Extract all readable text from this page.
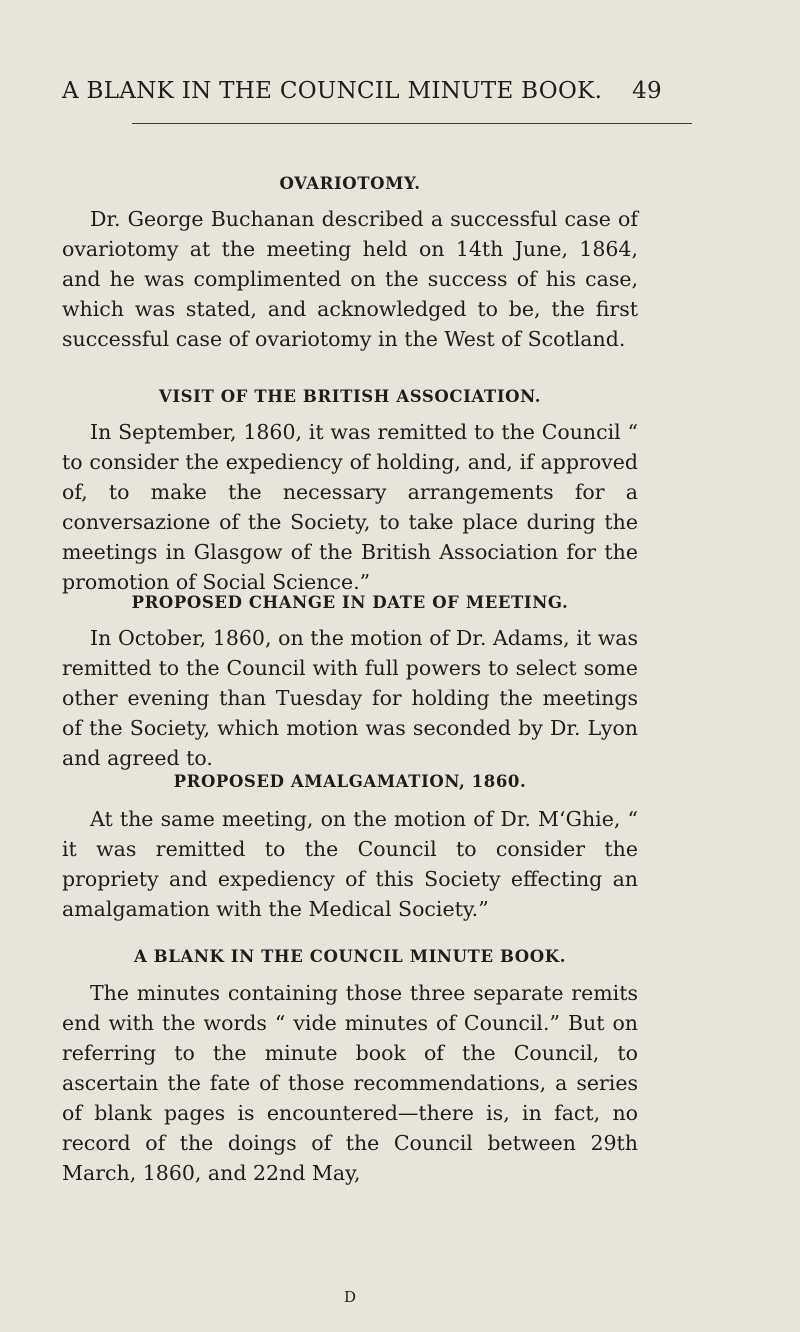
A BLANK IN THE COUNCIL MINUTE BOOK. 49
OVARIOTOMY.

Dr. George Buchanan described a successful case of ovariotomy at the meeting held on 14th June, 1864, and he was complimented on the success of his case, which was stated, and acknowledged to be, the first successful case of ovariotomy in the West of Scotland.

VISIT OF THE BRITISH ASSOCIATION.

In September, 1860, it was remitted to the Council “ to consider the expediency of holding, and, if approved of, to make the necessary arrangements for a conversazione of the Society, to take place during the meetings in Glasgow of the British Association for the promotion of Social Science.”

PROPOSED CHANGE IN DATE OF MEETING.

In October, 1860, on the motion of Dr. Adams, it was remitted to the Council with full powers to select some other evening than Tuesday for holding the meetings of the Society, which motion was seconded by Dr. Lyon and agreed to.

PROPOSED AMALGAMATION, 1860.

At the same meeting, on the motion of Dr. M‘Ghie, “ it was remitted to the Council to consider the propriety and expediency of this Society effecting an amalgamation with the Medical Society.”

A BLANK IN THE COUNCIL MINUTE BOOK.

The minutes containing those three separate remits end with the words “ vide minutes of Council.” But on referring to the minute book of the Council, to ascertain the fate of those recommendations, a series of blank pages is encountered—there is, in fact, no record of the doings of the Council between 29th March, 1860, and 22nd May,

D
